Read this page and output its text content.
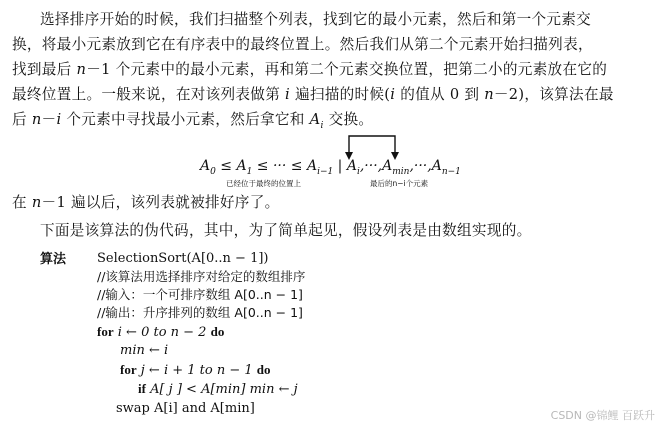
选择排序开始的时候，我们扫描整个列表，找到它的最小元素，然后和第一个元素交
换，将最小元素放到它在有序表中的最终位置上。然后我们从第二个元素开始扫描列表，
找到最后 n－1 个元素中的最小元素，再和第二个元素交换位置，把第二小的元素放在它的
最终位置上。一般来说，在对该列表做第 i 遍扫描的时候(i 的值从 0 到 n－2)，该算法在最
后 n－i 个元素中寻找最小元素，然后拿它和 $A_i$ 交换。
$A_0 \le A_1$ ≤ ··· ≤ $A_{i-1}$ | $A_i,\cdot\cdot\cdot,A_{min},\cdot\cdot\cdot,A_{n-1}$
已经位于最终的位置上	最后的n−i个元素
在 n－1 遍以后，该列表就被排好序了。
下面是该算法的伪代码，其中，为了简单起见，假设列表是由数组实现的。
算法 SelectionSort(A[0..n − 1])
//该算法用选择排序对给定的数组排序
//输入：一个可排序数组 A[0..n − 1]
//输出：升序排列的数组 A[0..n − 1]
for i ← 0 to n − 2 do
min ← i
for j ← i + 1 to n − 1 do
if A[ j ] < A[min] min ← j
swap A[i] and A[min]	CSDN @锦鲤 百跃升
